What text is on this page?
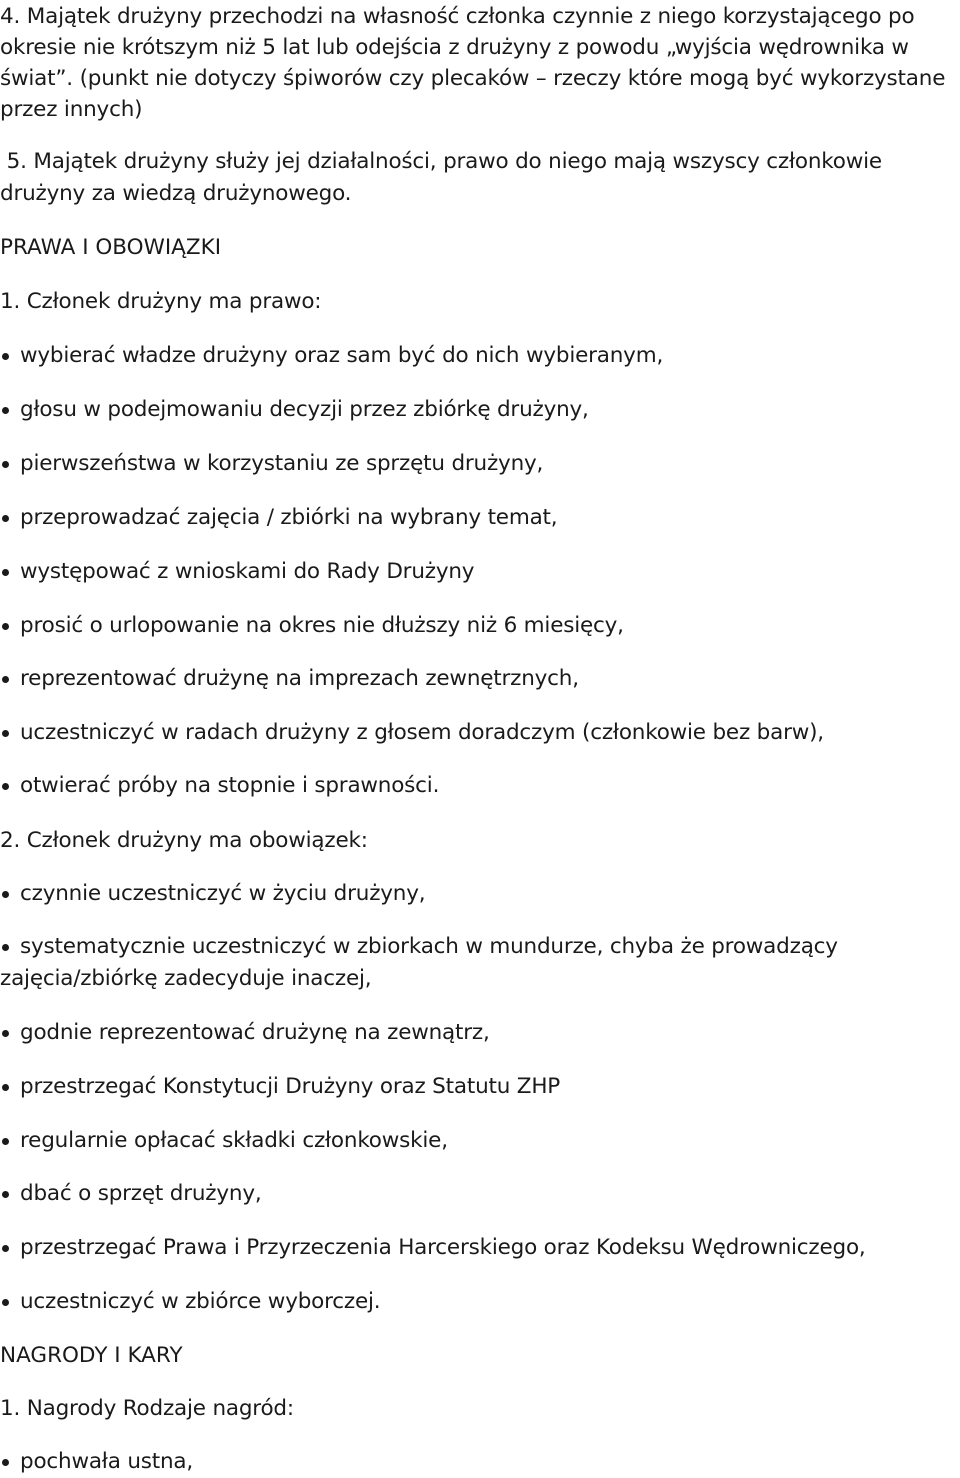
4. Majątek drużyny przechodzi na własność członka czynnie z niego korzystającego po

okresie nie krótszym niż 5 lat lub odejścia z drużyny z powodu „wyjścia wędrownika w

świat”. (punkt nie dotyczy śpiworów czy plecaków – rzeczy które mogą być wykorzystane

przez innych)

5. Majątek drużyny służy jej działalności, prawo do niego mają wszyscy członkowie

drużyny za wiedzą drużynowego.

PRAWA I OBOWIĄZKI

1. Członek drużyny ma prawo:

wybierać władze drużyny oraz sam być do nich wybieranym,
głosu w podejmowaniu decyzji przez zbiórkę drużyny,
pierwszeństwa w korzystaniu ze sprzętu drużyny,
przeprowadzać zajęcia / zbiórki na wybrany temat,
występować z wnioskami do Rady Drużyny
prosić o urlopowanie na okres nie dłuższy niż 6 miesięcy,
reprezentować drużynę na imprezach zewnętrznych,
uczestniczyć w radach drużyny z głosem doradczym (członkowie bez barw),
otwierać próby na stopnie i sprawności.

2. Członek drużyny ma obowiązek:

czynnie uczestniczyć w życiu drużyny,
systematycznie uczestniczyć w zbiorkach w mundurze, chyba że prowadzący

zajęcia/zbiórkę zadecyduje inaczej,

godnie reprezentować drużynę na zewnątrz,
przestrzegać Konstytucji Drużyny oraz Statutu ZHP
regularnie opłacać składki członkowskie,
dbać o sprzęt drużyny,
przestrzegać Prawa i Przyrzeczenia Harcerskiego oraz Kodeksu Wędrowniczego,
uczestniczyć w zbiórce wyborczej.

NAGRODY I KARY

1. Nagrody Rodzaje nagród:

pochwała ustna,
